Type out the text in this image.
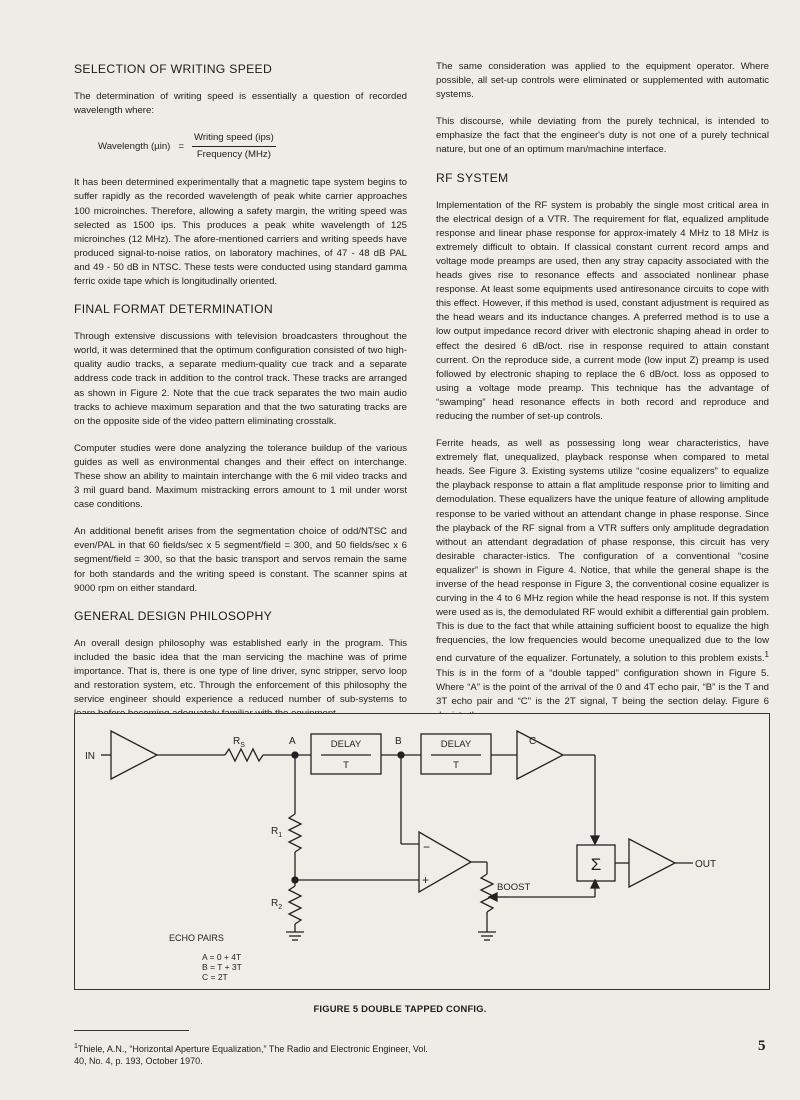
SELECTION OF WRITING SPEED

The determination of writing speed is essentially a question of recorded wavelength where:

Wavelength $(\mu in) = \frac{\text{Writing speed (ips)}}{\text{Frequency (MHz)}}$

It has been determined experimentally that a magnetic tape system begins to suffer rapidly as the recorded wavelength of peak white carrier approaches 100 microinches. Therefore, allowing a safety margin, the writing speed was selected as 1500 ips. This produces a peak white wavelength of 125 microinches (12 MHz). The afore-mentioned carriers and writing speeds have produced signal-to-noise ratios, on laboratory machines, of 47 - 48 dB PAL and 49 - 50 dB in NTSC. These tests were conducted using standard gamma ferric oxide tape which is longitudinally oriented.

FINAL FORMAT DETERMINATION

Through extensive discussions with television broadcasters throughout the world, it was determined that the optimum configuration consisted of two high-quality audio tracks, a separate medium-quality cue track and a separate address code track in addition to the control track. These tracks are arranged as shown in Figure 2. Note that the cue track separates the two main audio tracks to achieve maximum separation and that the two saturating tracks are on the opposite side of the video pattern eliminating crosstalk.

Computer studies were done analyzing the tolerance buildup of the various guides as well as environmental changes and their effect on interchange. These show an ability to maintain interchange with the 6 mil video tracks and 3 mil guard band. Maximum mistracking errors amount to 1 mil under worst case conditions.

An additional benefit arises from the segmentation choice of odd/NTSC and even/PAL in that 60 fields/sec x 5 segment/field = 300, and 50 fields/sec x 6 segment/field = 300, so that the basic transport and servos remain the same for both standards and the writing speed is constant. The scanner spins at 9000 rpm on either standard.

GENERAL DESIGN PHILOSOPHY

An overall design philosophy was established early in the program. This included the basic idea that the man servicing the machine was of prime importance. That is, there is one type of line driver, sync stripper, servo loop and restoration system, etc. Through the enforcement of this philosophy the service engineer should experience a reduced number of sub-systems to

The same consideration was applied to the equipment operator. Where possible, all set-up controls were eliminated or supplemented with automatic systems.

This discourse, while deviating from the purely technical, is intended to emphasize the fact that the engineer's duty is not one of a purely technical nature, but one of an optimum man/machine interface.

RF SYSTEM

Implementation of the RF system is probably the single most critical area in the electrical design of a VTR. The requirement for flat, equalized amplitude response and linear phase response for approx-imately 4 MHz to 18 MHz is extremely difficult to obtain. If classical constant current record amps and voltage mode preamps are used, then any stray capacity associated with the heads gives rise to resonance effects and associated nonlinear phase response. At least some equipments used antiresonance circuits to cope with this effect. However, if this method is used, constant adjustment is required as the head wears and its inductance changes. A preferred method is to use a low output impedance record driver with electronic shaping ahead in order to effect the desired 6 dB/oct. rise in response required to attain constant current. On the reproduce side, a current mode (low input Z) preamp is used followed by electronic shaping to replace the 6 dB/oct. loss as opposed to using a voltage mode preamp. This technique has the advantage of “swamping” head resonance effects in both record and reproduce and reducing the number of set-up controls.

Ferrite heads, as well as possessing long wear characteristics, have extremely flat, unequalized, playback response when compared to metal heads. See Figure 3. Existing systems utilize “cosine equalizers” to equalize the playback response to attain a flat amplitude response prior to limiting and demodulation. These equalizers have the unique feature of allowing amplitude response to be varied without an attendant change in phase response. Since the playback of the RF signal from a VTR suffers only amplitude degradation without an attendant degradation of phase response, this circuit has very desirable character-istics. The configuration of a conventional “cosine equalizer” is shown in Figure 4. Notice, that while the general shape is the inverse of the head response in Figure 3, the conventional cosine equalizer is curving in the 4 to 6 MHz region while the head response is not. If this system were used as is, the demodulated RF would exhibit a differential gain problem. This is due to the fact that while attaining sufficient boost to equalize the high frequencies, the low frequencies would become unequalized due to the low end curvature of the equalizer. Fortunately, a solution to this problem exists.$^1$ This is in the form of a “double tapped” configuration shown in Figure 5. Where “A” is the point of the arrival of the 0 and 4T echo pair, “B” is the T and 3T echo pair and “C” is the 2T signal, T being the section delay. Figure 6

IN
$R_S$	A	DELAY
T
B	DELAY
T
C
Σ	OUT
−
+
BOOST
$R_1$
$R_2$
ECHO PAIRS
A = 0 + 4T
B = T + 3T
C = 2T
FIGURE 5 DOUBLE TAPPED CONFIG.
$^1$Thiele, A.N., “Horizontal Aperture Equalization,” The Radio and Electronic Engineer, Vol. 40, No. 4, p. 193, October 1970.
5
